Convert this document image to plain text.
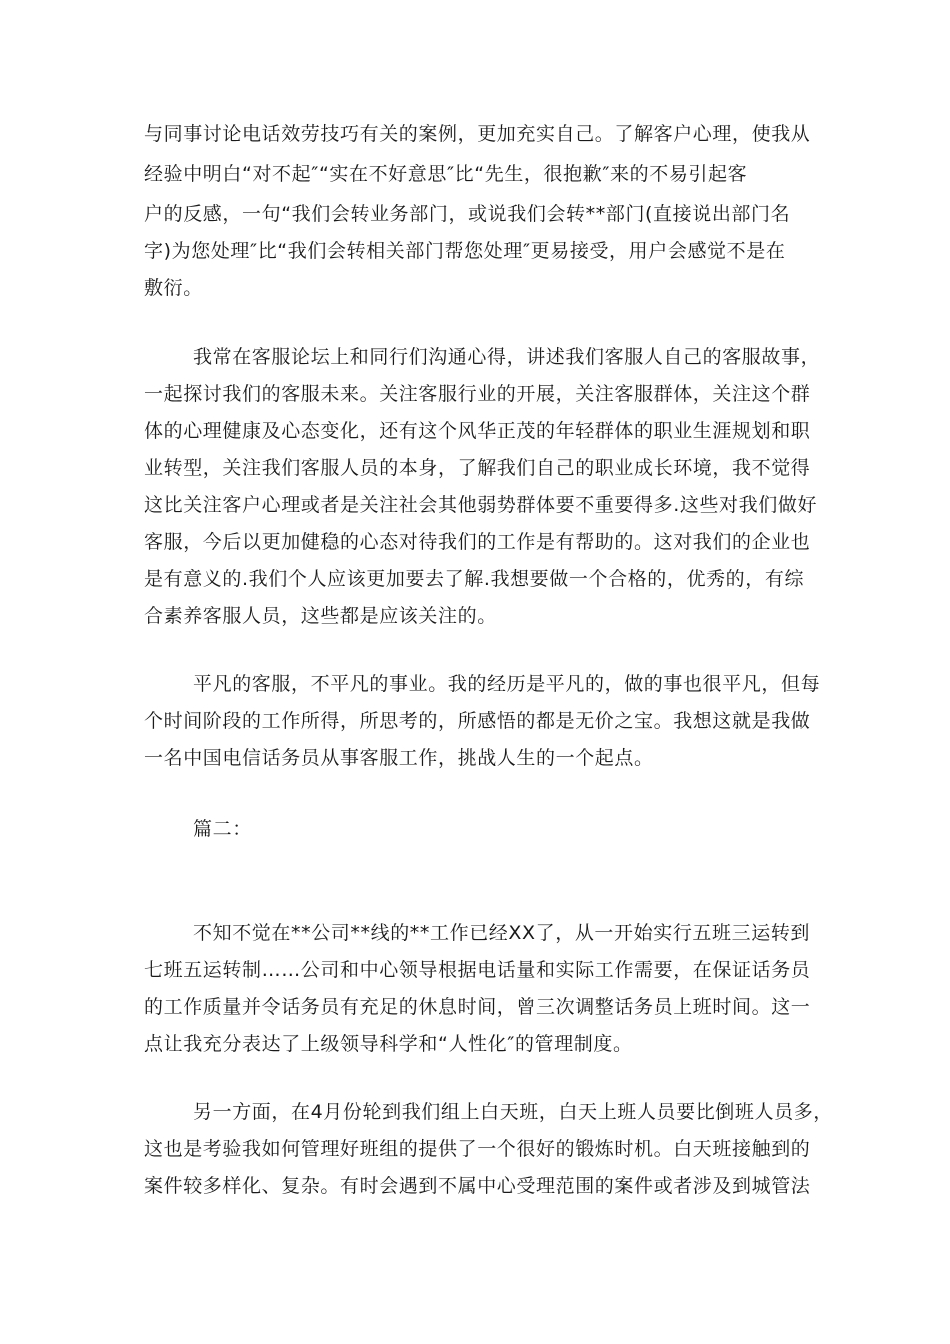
与同事讨论电话效劳技巧有关的案例，更加充实自己。了解客户心理，使我从
经验中明白“对不起″“实在不好意思″比“先生，很抱歉″来的不易引起客
户的反感，一句“我们会转业务部门，或说我们会转**部门(直接说出部门名
字)为您处理″比“我们会转相关部门帮您处理″更易接受，用户会感觉不是在
敷衍。
我常在客服论坛上和同行们沟通心得，讲述我们客服人自己的客服故事，
一起探讨我们的客服未来。关注客服行业的开展，关注客服群体，关注这个群
体的心理健康及心态变化，还有这个风华正茂的年轻群体的职业生涯规划和职
业转型，关注我们客服人员的本身，了解我们自己的职业成长环境，我不觉得
这比关注客户心理或者是关注社会其他弱势群体要不重要得多.这些对我们做好
客服，今后以更加健稳的心态对待我们的工作是有帮助的。这对我们的企业也
是有意义的.我们个人应该更加要去了解.我想要做一个合格的，优秀的，有综
合素养客服人员，这些都是应该关注的。
平凡的客服，不平凡的事业。我的经历是平凡的，做的事也很平凡，但每
个时间阶段的工作所得，所思考的，所感悟的都是无价之宝。我想这就是我做
一名中国电信话务员从事客服工作，挑战人生的一个起点。
篇二：
不知不觉在**公司**线的**工作已经XX了，从一开始实行五班三运转到
七班五运转制……公司和中心领导根据电话量和实际工作需要，在保证话务员
的工作质量并令话务员有充足的休息时间，曾三次调整话务员上班时间。这一
点让我充分表达了上级领导科学和“人性化″的管理制度。
另一方面，在4月份轮到我们组上白天班，白天上班人员要比倒班人员多，
这也是考验我如何管理好班组的提供了一个很好的锻炼时机。白天班接触到的
案件较多样化、复杂。有时会遇到不属中心受理范围的案件或者涉及到城管法
